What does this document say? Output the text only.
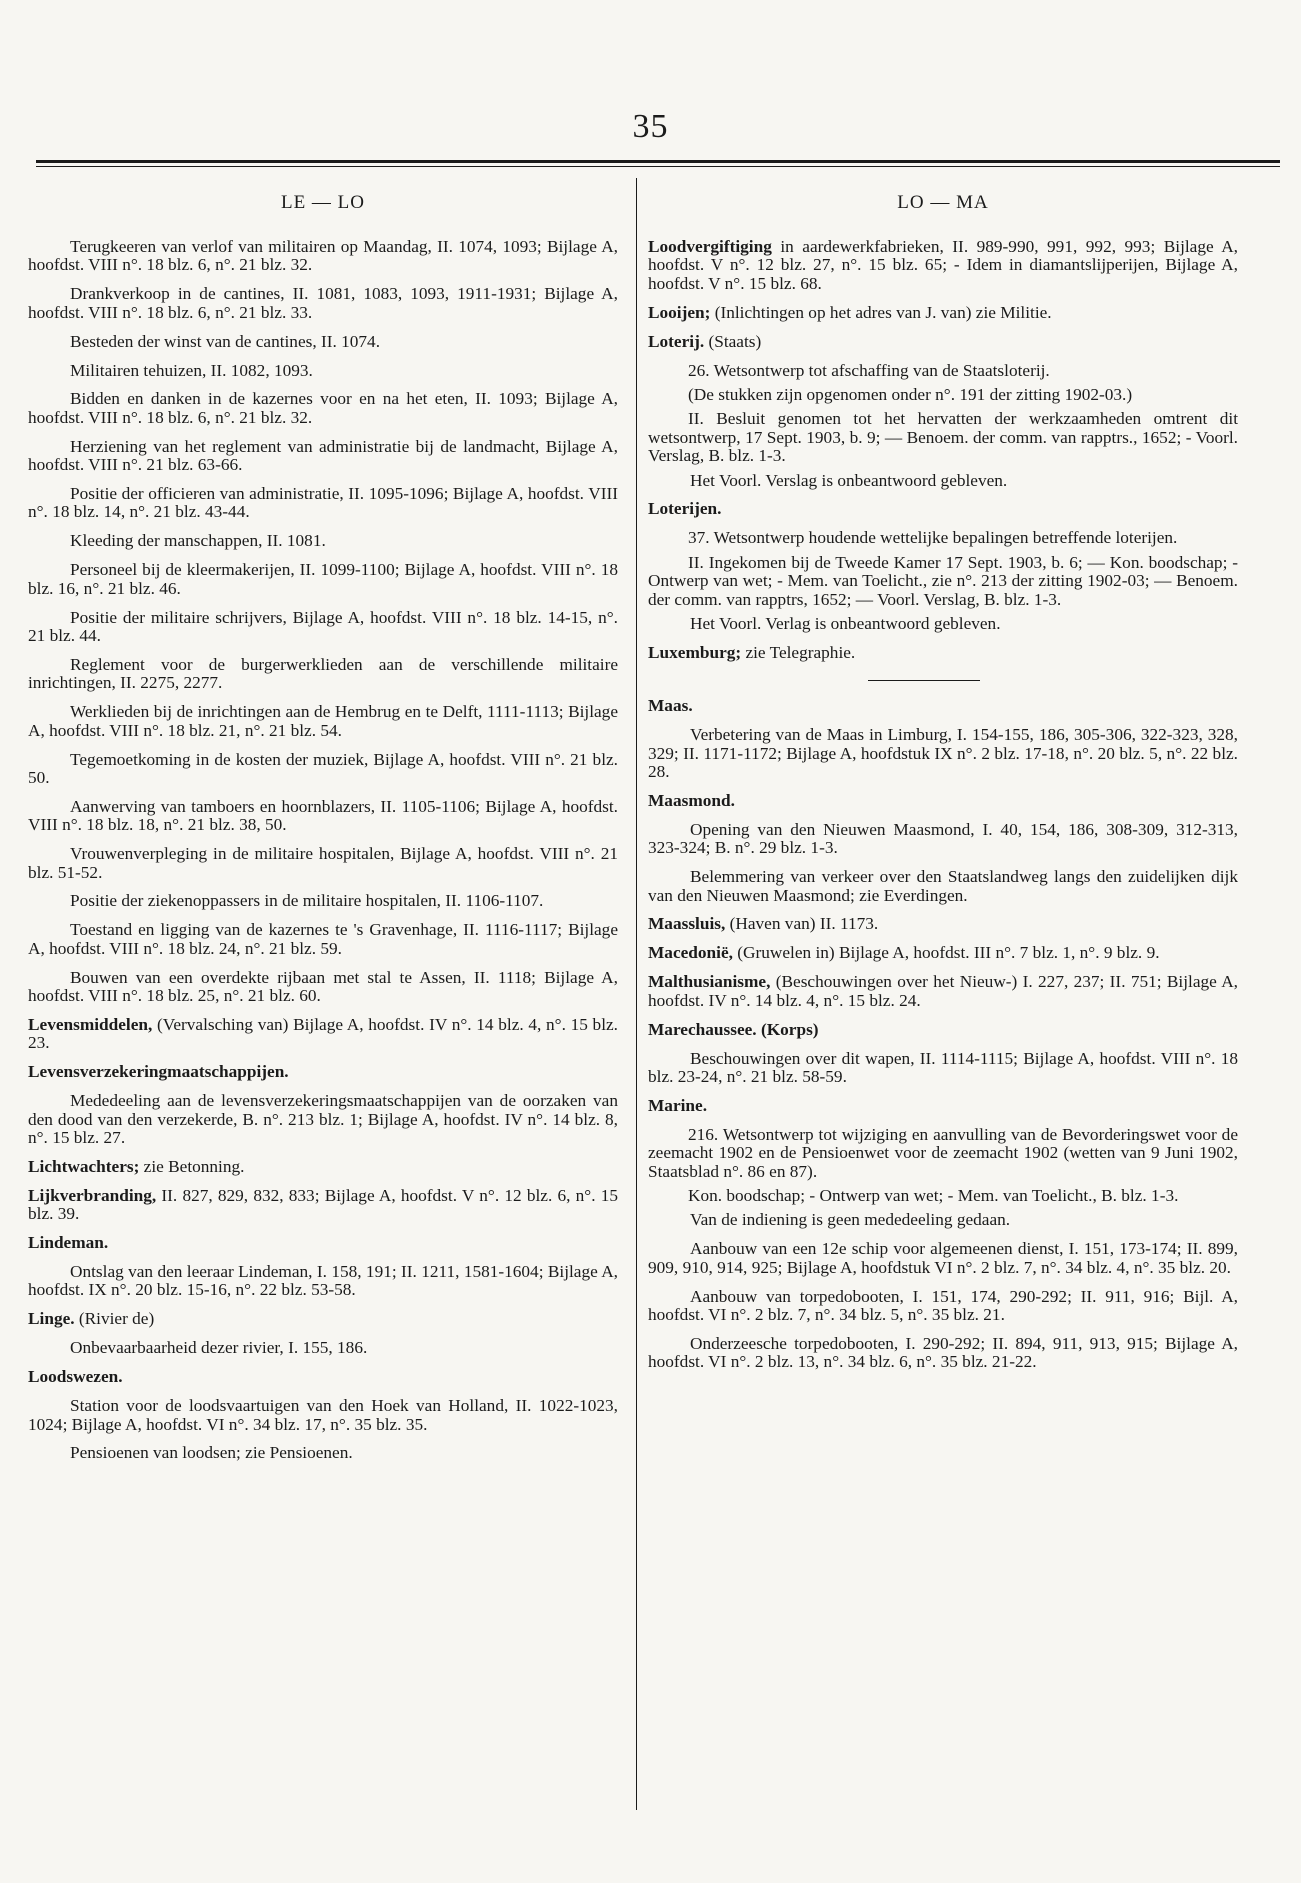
35
LE — LO
Terugkeeren van verlof van militairen op Maandag, II. 1074, 1093; Bijlage A, hoofdst. VIII n°. 18 blz. 6, n°. 21 blz. 32.
Drankverkoop in de cantines, II. 1081, 1083, 1093, 1911-1931; Bijlage A, hoofdst. VIII n°. 18 blz. 6, n°. 21 blz. 33.
Besteden der winst van de cantines, II. 1074.
Militairen tehuizen, II. 1082, 1093.
Bidden en danken in de kazernes voor en na het eten, II. 1093; Bijlage A, hoofdst. VIII n°. 18 blz. 6, n°. 21 blz. 32.
Herziening van het reglement van administratie bij de landmacht, Bijlage A, hoofdst. VIII n°. 21 blz. 63-66.
Positie der officieren van administratie, II. 1095-1096; Bijlage A, hoofdst. VIII n°. 18 blz. 14, n°. 21 blz. 43-44.
Kleeding der manschappen, II. 1081.
Personeel bij de kleermakerijen, II. 1099-1100; Bijlage A, hoofdst. VIII n°. 18 blz. 16, n°. 21 blz. 46.
Positie der militaire schrijvers, Bijlage A, hoofdst. VIII n°. 18 blz. 14-15, n°. 21 blz. 44.
Reglement voor de burgerwerklieden aan de verschillende militaire inrichtingen, II. 2275, 2277.
Werklieden bij de inrichtingen aan de Hembrug en te Delft, 1111-1113; Bijlage A, hoofdst. VIII n°. 18 blz. 21, n°. 21 blz. 54.
Tegemoetkoming in de kosten der muziek, Bijlage A, hoofdst. VIII n°. 21 blz. 50.
Aanwerving van tamboers en hoornblazers, II. 1105-1106; Bijlage A, hoofdst. VIII n°. 18 blz. 18, n°. 21 blz. 38, 50.
Vrouwenverpleging in de militaire hospitalen, Bijlage A, hoofdst. VIII n°. 21 blz. 51-52.
Positie der ziekenoppassers in de militaire hospitalen, II. 1106-1107.
Toestand en ligging van de kazernes te 's Gravenhage, II. 1116-1117; Bijlage A, hoofdst. VIII n°. 18 blz. 24, n°. 21 blz. 59.
Bouwen van een overdekte rijbaan met stal te Assen, II. 1118; Bijlage A, hoofdst. VIII n°. 18 blz. 25, n°. 21 blz. 60.
Levensmiddelen, (Vervalsching van) Bijlage A, hoofdst. IV n°. 14 blz. 4, n°. 15 blz. 23.
Levensverzekeringmaatschappijen.
Mededeeling aan de levensverzekeringsmaatschappijen van de oorzaken van den dood van den verzekerde, B. n°. 213 blz. 1; Bijlage A, hoofdst. IV n°. 14 blz. 8, n°. 15 blz. 27.
Lichtwachters; zie Betonning.
Lijkverbranding, II. 827, 829, 832, 833; Bijlage A, hoofdst. V n°. 12 blz. 6, n°. 15 blz. 39.
Lindeman.
Ontslag van den leeraar Lindeman, I. 158, 191; II. 1211, 1581-1604; Bijlage A, hoofdst. IX n°. 20 blz. 15-16, n°. 22 blz. 53-58.
Linge. (Rivier de)
Onbevaarbaarheid dezer rivier, I. 155, 186.
Loodswezen.
Station voor de loodsvaartuigen van den Hoek van Holland, II. 1022-1023, 1024; Bijlage A, hoofdst. VI n°. 34 blz. 17, n°. 35 blz. 35.
Pensioenen van loodsen; zie Pensioenen.
LO — MA
Loodvergiftiging in aardewerkfabrieken, II. 989-990, 991, 992, 993; Bijlage A, hoofdst. V n°. 12 blz. 27, n°. 15 blz. 65; - Idem in diamantslijperijen, Bijlage A, hoofdst. V n°. 15 blz. 68.
Looijen; (Inlichtingen op het adres van J. van) zie Militie.
Loterij. (Staats)
26. Wetsontwerp tot afschaffing van de Staatsloterij.
(De stukken zijn opgenomen onder n°. 191 der zitting 1902-03.)
II. Besluit genomen tot het hervatten der werkzaamheden omtrent dit wetsontwerp, 17 Sept. 1903, b. 9; — Benoem. der comm. van rapptrs., 1652; - Voorl. Verslag, B. blz. 1-3.
Het Voorl. Verslag is onbeantwoord gebleven.
Loterijen.
37. Wetsontwerp houdende wettelijke bepalingen betreffende loterijen.
II. Ingekomen bij de Tweede Kamer 17 Sept. 1903, b. 6; — Kon. boodschap; - Ontwerp van wet; - Mem. van Toelicht., zie n°. 213 der zitting 1902-03; — Benoem. der comm. van rapptrs, 1652; — Voorl. Verslag, B. blz. 1-3.
Het Voorl. Verlag is onbeantwoord gebleven.
Luxemburg; zie Telegraphie.
Maas.
Verbetering van de Maas in Limburg, I. 154-155, 186, 305-306, 322-323, 328, 329; II. 1171-1172; Bijlage A, hoofdstuk IX n°. 2 blz. 17-18, n°. 20 blz. 5, n°. 22 blz. 28.
Maasmond.
Opening van den Nieuwen Maasmond, I. 40, 154, 186, 308-309, 312-313, 323-324; B. n°. 29 blz. 1-3.
Belemmering van verkeer over den Staatslandweg langs den zuidelijken dijk van den Nieuwen Maasmond; zie Everdingen.
Maassluis, (Haven van) II. 1173.
Macedonië, (Gruwelen in) Bijlage A, hoofdst. III n°. 7 blz. 1, n°. 9 blz. 9.
Malthusianisme, (Beschouwingen over het Nieuw-) I. 227, 237; II. 751; Bijlage A, hoofdst. IV n°. 14 blz. 4, n°. 15 blz. 24.
Marechaussee. (Korps)
Beschouwingen over dit wapen, II. 1114-1115; Bijlage A, hoofdst. VIII n°. 18 blz. 23-24, n°. 21 blz. 58-59.
Marine.
216. Wetsontwerp tot wijziging en aanvulling van de Bevorderingswet voor de zeemacht 1902 en de Pensioenwet voor de zeemacht 1902 (wetten van 9 Juni 1902, Staatsblad n°. 86 en 87).
Kon. boodschap; - Ontwerp van wet; - Mem. van Toelicht., B. blz. 1-3.
Van de indiening is geen mededeeling gedaan.
Aanbouw van een 12e schip voor algemeenen dienst, I. 151, 173-174; II. 899, 909, 910, 914, 925; Bijlage A, hoofdstuk VI n°. 2 blz. 7, n°. 34 blz. 4, n°. 35 blz. 20.
Aanbouw van torpedobooten, I. 151, 174, 290-292; II. 911, 916; Bijl. A, hoofdst. VI n°. 2 blz. 7, n°. 34 blz. 5, n°. 35 blz. 21.
Onderzeesche torpedobooten, I. 290-292; II. 894, 911, 913, 915; Bijlage A, hoofdst. VI n°. 2 blz. 13, n°. 34 blz. 6, n°. 35 blz. 21-22.
